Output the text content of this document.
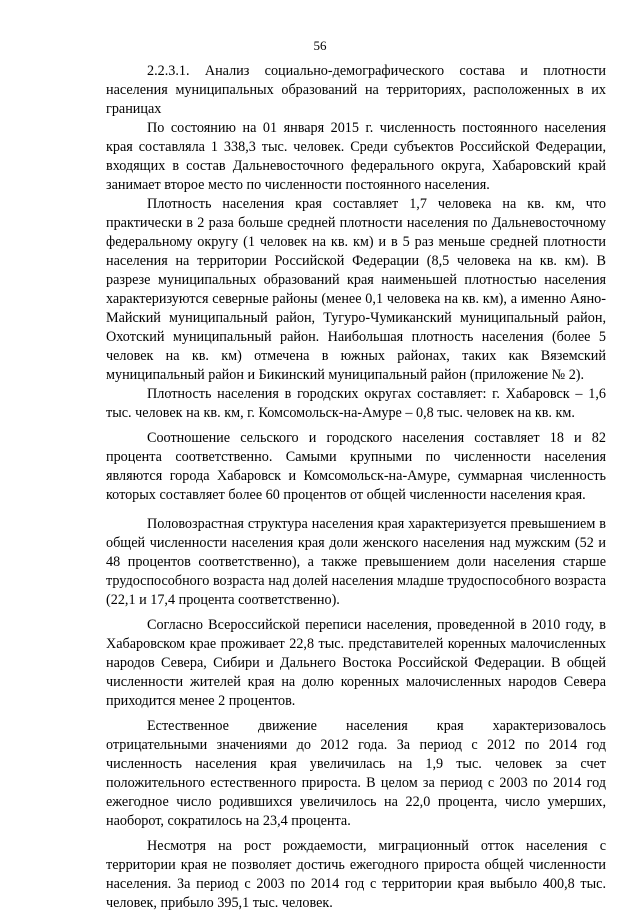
56

2.2.3.1. Анализ социально-демографического состава и плотности населения муниципальных образований на территориях, расположенных в их границах

По состоянию на 01 января 2015 г. численность постоянного населения края составляла 1 338,3 тыс. человек. Среди субъектов Российской Федерации, входящих в состав Дальневосточного федерального округа, Хабаровский край занимает второе место по численности постоянного населения.

Плотность населения края составляет 1,7 человека на кв. км, что практически в 2 раза больше средней плотности населения по Дальневосточному федеральному округу (1 человек на кв. км) и в 5 раз меньше средней плотности населения на территории Российской Федерации (8,5 человека на кв. км). В разрезе муниципальных образований края наименьшей плотностью населения характеризуются северные районы (менее 0,1 человека на кв. км), а именно Аяно-Майский муниципальный район, Тугуро-Чумиканский муниципальный район, Охотский муниципальный район. Наибольшая плотность населения (более 5 человек на кв. км) отмечена в южных районах, таких как Вяземский муниципальный район и Бикинский муниципальный район (приложение № 2).

Плотность населения в городских округах составляет: г. Хабаровск – 1,6 тыс. человек на кв. км, г. Комсомольск-на-Амуре – 0,8 тыс. человек на кв. км.

Соотношение сельского и городского населения составляет 18 и 82 процента соответственно. Самыми крупными по численности населения являются города Хабаровск и Комсомольск-на-Амуре, суммарная численность которых составляет более 60 процентов от общей численности населения края.

Половозрастная структура населения края характеризуется превышением в общей численности населения края доли женского населения над мужским (52 и 48 процентов соответственно), а также превышением доли населения старше трудоспособного возраста над долей населения младше трудоспособного возраста (22,1 и 17,4 процента соответственно).

Согласно Всероссийской переписи населения, проведенной в 2010 году, в Хабаровском крае проживает 22,8 тыс. представителей коренных малочисленных народов Севера, Сибири и Дальнего Востока Российской Федерации. В общей численности жителей края на долю коренных малочисленных народов Севера приходится менее 2 процентов.

Естественное движение населения края характеризовалось отрицательными значениями до 2012 года. За период с 2012 по 2014 год численность населения края увеличилась на 1,9 тыс. человек за счет положительного естественного прироста. В целом за период с 2003 по 2014 год ежегодное число родившихся увеличилось на 22,0 процента, число умерших, наоборот, сократилось на 23,4 процента.

Несмотря на рост рождаемости, миграционный отток населения с территории края не позволяет достичь ежегодного прироста общей численности населения. За период с 2003 по 2014 год с территории края выбыло 400,8 тыс. человек, прибыло 395,1 тыс. человек.
